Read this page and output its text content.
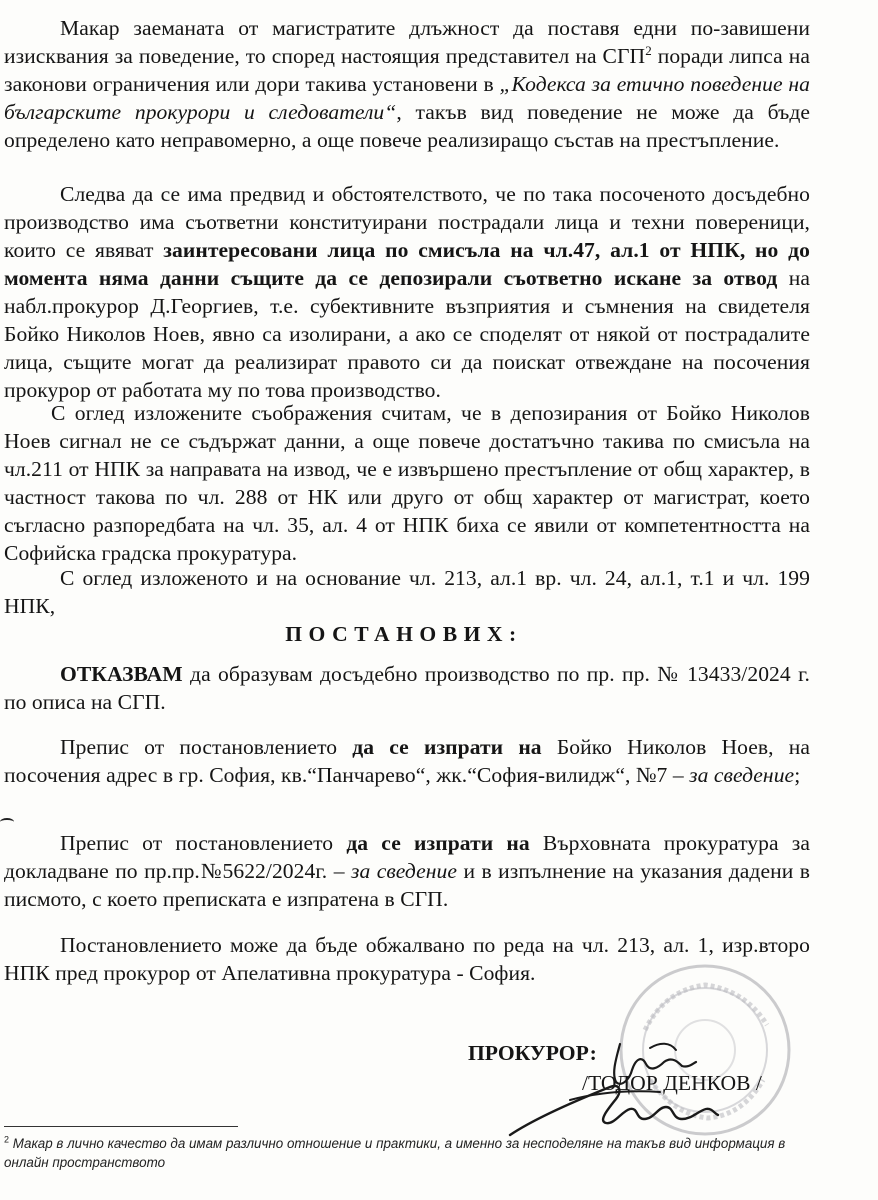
Макар заеманата от магистратите длъжност да поставя едни по-завишени изисквания за поведение, то според настоящия представител на СГП$^2$ поради липса на законови ограничения или дори такива установени в „Кодекса за етично поведение на българските прокурори и следователи“, такъв вид поведение не може да бъде определено като неправомерно, а още повече реализиращо състав на престъпление.

Следва да се има предвид и обстоятелството, че по така посоченото досъдебно производство има съответни конституирани пострадали лица и техни повереници, които се явяват заинтересовани лица по смисъла на чл.47, ал.1 от НПК, но до момента няма данни същите да се депозирали съответно искане за отвод на набл.прокурор Д.Георгиев, т.е. субективните възприятия и съмнения на свидетеля Бойко Николов Ноев, явно са изолирани, а ако се споделят от някой от пострадалите лица, същите могат да реализират правото си да поискат отвеждане на посочения прокурор от работата му по това производство.

С оглед изложените съображения считам, че в депозирания от Бойко Николов Ноев сигнал не се съдържат данни, а още повече достатъчно такива по смисъла на чл.211 от НПК за направата на извод, че е извършено престъпление от общ характер, в частност такова по чл. 288 от НК или друго от общ характер от магистрат, което съгласно разпоредбата на чл. 35, ал. 4 от НПК биха се явили от компетентността на Софийска градска прокуратура.

С оглед изложеното и на основание чл. 213, ал.1 вр. чл. 24, ал.1, т.1 и чл. 199 НПК,

ПОСТАНОВИХ:

ОТКАЗВАМ да образувам досъдебно производство по пр. пр. № 13433/2024 г. по описа на СГП.

Препис от постановлението да се изпрати на Бойко Николов Ноев, на посочения адрес в гр. София, кв.“Панчарево“, жк.“София-вилидж“, №7 – за сведение;

Препис от постановлението да се изпрати на Върховната прокуратура за докладване по пр.пр.№5622/2024г. – за сведение и в изпълнение на указания дадени в писмото, с което преписката е изпратена в СГП.

Постановлението може да бъде обжалвано по реда на чл. 213, ал. 1, изр.второ НПК пред прокурор от Апелативна прокуратура - София.

ПРОКУРОР:
/ТОДОР ДЕНКОВ /
$^2$ Макар в лично качество да имам различно отношение и практики, а именно за несподеляне на такъв вид информация в онлайн пространството
